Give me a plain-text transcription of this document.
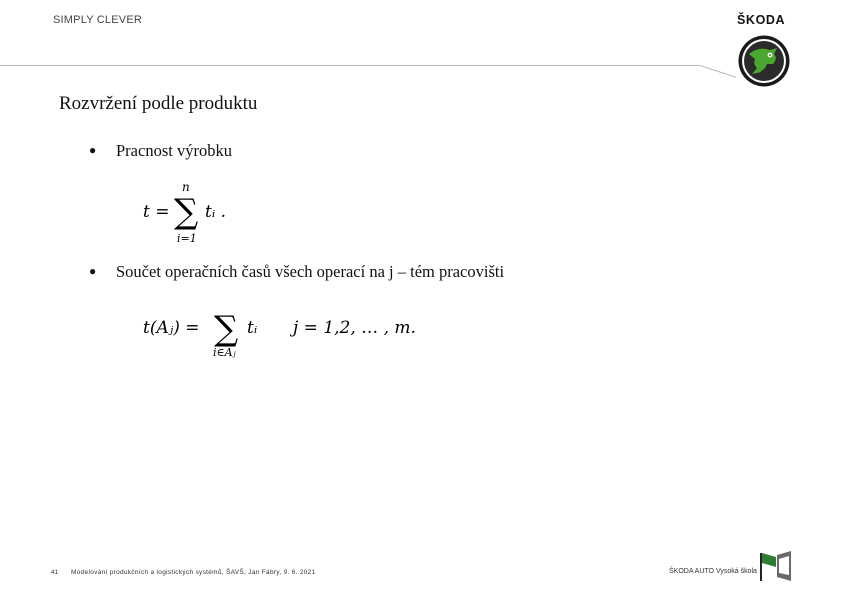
SIMPLY CLEVER	ŠKODA
Rozvržení podle produktu
● Pracnost výrobku
t =
n
∑
i=1
tᵢ .
● Součet operačních časů všech operací na j – tém pracovišti
t(Aⱼ) = ∑
i∈Aⱼ
tᵢ j = 1,2, … , m.
41 Modelování produkčních a logistických systémů, ŠAVŠ, Jan Fábry, 9. 6. 2021	ŠKODA AUTO Vysoká škola
